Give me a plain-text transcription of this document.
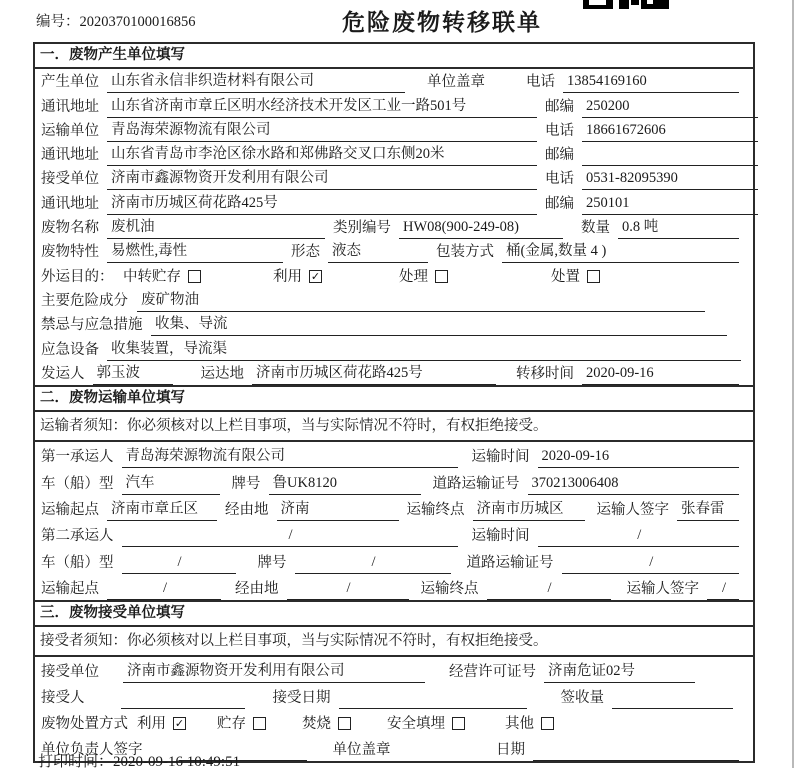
编号：2020370100016856	危险废物转移联单
一．废物产生单位填写
产生单位 山东省永信非织造材料有限公司	单位盖章	电话 13854169160
通讯地址 山东省济南市章丘区明水经济技术开发区工业一路501号	邮编 250200
运输单位 青岛海荣源物流有限公司	电话 18661672606
通讯地址 山东省青岛市李沧区徐水路和郑佛路交叉口东侧20米	邮编
接受单位 济南市鑫源物资开发利用有限公司	电话 0531-82095390
通讯地址 济南市历城区荷花路425号	邮编 250101
废物名称 废机油	类别编号 HW08(900-249-08)	数量 0.8 吨
废物特性 易燃性,毒性	形态 液态	包装方式 桶(金属,数量 4 )
外运目的： 中转贮存	利用 ✓	处理	处置
主要危险成分 废矿物油
禁忌与应急措施 收集、导流
应急设备 收集装置，导流渠
发运人 郭玉波	运达地 济南市历城区荷花路425号	转移时间 2020-09-16
二．废物运输单位填写
运输者须知：你必须核对以上栏目事项，当与实际情况不符时，有权拒绝接受。
第一承运人 青岛海荣源物流有限公司	运输时间 2020-09-16
车（船）型 汽车	牌号 鲁UK8120	道路运输证号 370213006408
运输起点 济南市章丘区	经由地 济南	运输终点 济南市历城区	运输人签字 张春雷
第二承运人	/	运输时间	/
车（船）型	/	牌号	/	道路运输证号	/
运输起点	/	经由地	/	运输终点	/	运输人签字	/
三．废物接受单位填写
接受者须知：你必须核对以上栏目事项，当与实际情况不符时，有权拒绝接受。
接受单位 济南市鑫源物资开发利用有限公司	经营许可证号 济南危证02号
接受人	接受日期	签收量
废物处置方式 利用 ✓ 贮存	焚烧	安全填埋	其他
单位负责人签字	单位盖章	日期
打印时间：2020-09-16 10:49:51
